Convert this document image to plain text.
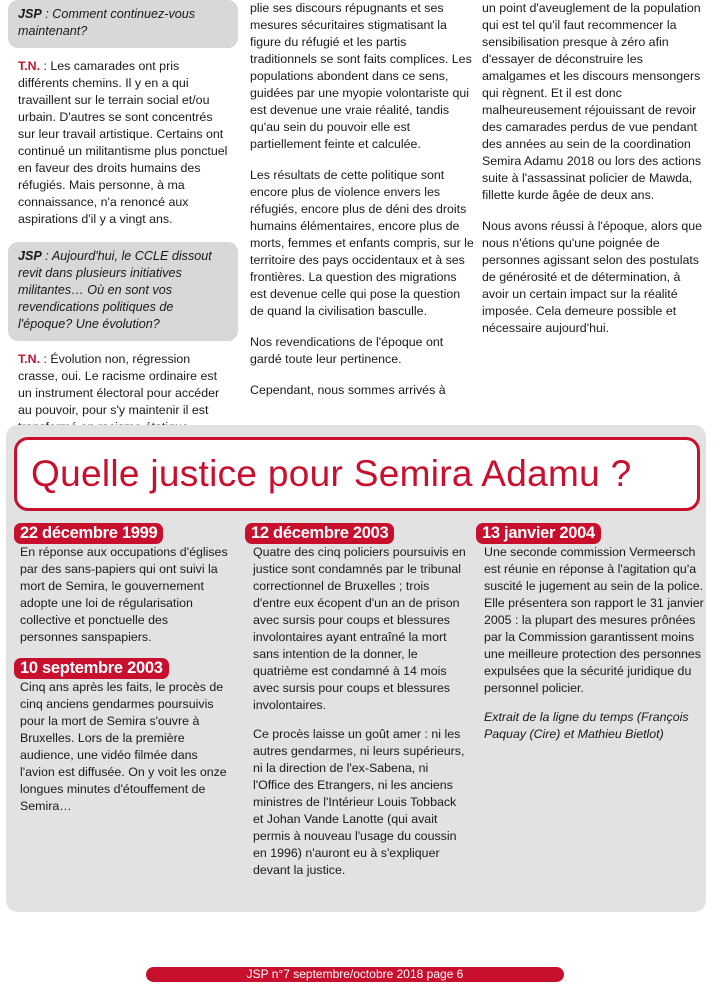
JSP : Comment continuez-vous maintenant?

T.N. : Les camarades ont pris différents chemins. Il y en a qui travaillent sur le terrain social et/ou urbain. D'autres se sont concentrés sur leur travail artistique. Certains ont continué un militantisme plus ponctuel en faveur des droits humains des réfugiés. Mais personne, à ma connaissance, n'a renoncé aux aspirations d'il y a vingt ans.

JSP : Aujourd'hui, le CCLE dissout revit dans plusieurs initiatives militantes… Où en sont vos revendications politiques de l'époque? Une évolution?
T.N. : Évolution non, régression crasse, oui. Le racisme ordinaire est un instrument électoral pour accéder au pouvoir, pour s'y maintenir il est

plie ses discours répugnants et ses mesures sécuritaires stigmatisant la figure du réfugié et les partis traditionnels se sont faits complices. Les populations abondent dans ce sens, guidées par une myopie volontariste qui est devenue une vraie réalité, tandis qu'au sein du pouvoir elle est partiellement feinte et calculée.

Les résultats de cette politique sont encore plus de violence envers les réfugiés, encore plus de déni des droits humains élémentaires, encore plus de morts, femmes et enfants compris, sur le territoire des pays occidentaux et à ses frontières. La question des migrations est devenue celle qui pose la question de quand la civilisation basculle.

Nos revendications de l'époque ont gardé toute leur pertinence.

Cependant, nous sommes arrivés à

un point d'aveuglement de la population qui est tel qu'il faut recommencer la sensibilisation presque à zéro afin d'essayer de déconstruire les amalgames et les discours mensongers qui règnent. Et il est donc malheureusement réjouissant de revoir des camarades perdus de vue pendant des années au sein de la coordination Semira Adamu 2018 ou lors des actions suite à l'assassinat policier de Mawda, fillette kurde âgée de deux ans.

Nous avons réussi à l'époque, alors que nous n'étions qu'une poignée de personnes agissant selon des postulats de générosité et de détermination, à avoir un certain impact sur la réalité imposée. Cela demeure possible et nécessaire aujourd'hui.

Quelle justice pour Semira Adamu ?
22 décembre 1999

En réponse aux occupations d'églises par des sans-papiers qui ont suivi la mort de Semira, le gouvernement adopte une loi de régularisation collective et ponctuelle des personnes sanspapiers.

10 septembre 2003

Cinq ans après les faits, le procès de cinq anciens gendarmes poursuivis pour la mort de Semira s'ouvre à Bruxelles. Lors de la première audience, une vidéo filmée dans l'avion est diffusée. On y voit les onze longues minutes d'étouffement de Semira…

12 décembre 2003

Quatre des cinq policiers poursuivis en justice sont condamnés par le tribunal correctionnel de Bruxelles ; trois d'entre eux écopent d'un an de prison avec sursis pour coups et blessures involontaires ayant entraîné la mort sans intention de la donner, le quatrième est condamné à 14 mois avec sursis pour coups et blessures involontaires.

Ce procès laisse un goût amer : ni les autres gendarmes, ni leurs supérieurs, ni la direction de l'ex-Sabena, ni l'Office des Etrangers, ni les anciens ministres de l'Intérieur Louis Tobback et Johan Vande Lanotte (qui avait permis à nouveau l'usage du coussin en 1996) n'auront eu à s'expliquer devant la justice.

13 janvier 2004

Une seconde commission Vermeersch est réunie en réponse à l'agitation qu'a suscité le jugement au sein de la police. Elle présentera son rapport le 31 janvier 2005 : la plupart des mesures prônées par la Commission garantissent moins une meilleure protection des personnes expulsées que la sécurité juridique du personnel policier.

Extrait de la ligne du temps (François Paquay (Cire) et Mathieu Bietlot)

JSP n°7 septembre/octobre 2018 page 6
